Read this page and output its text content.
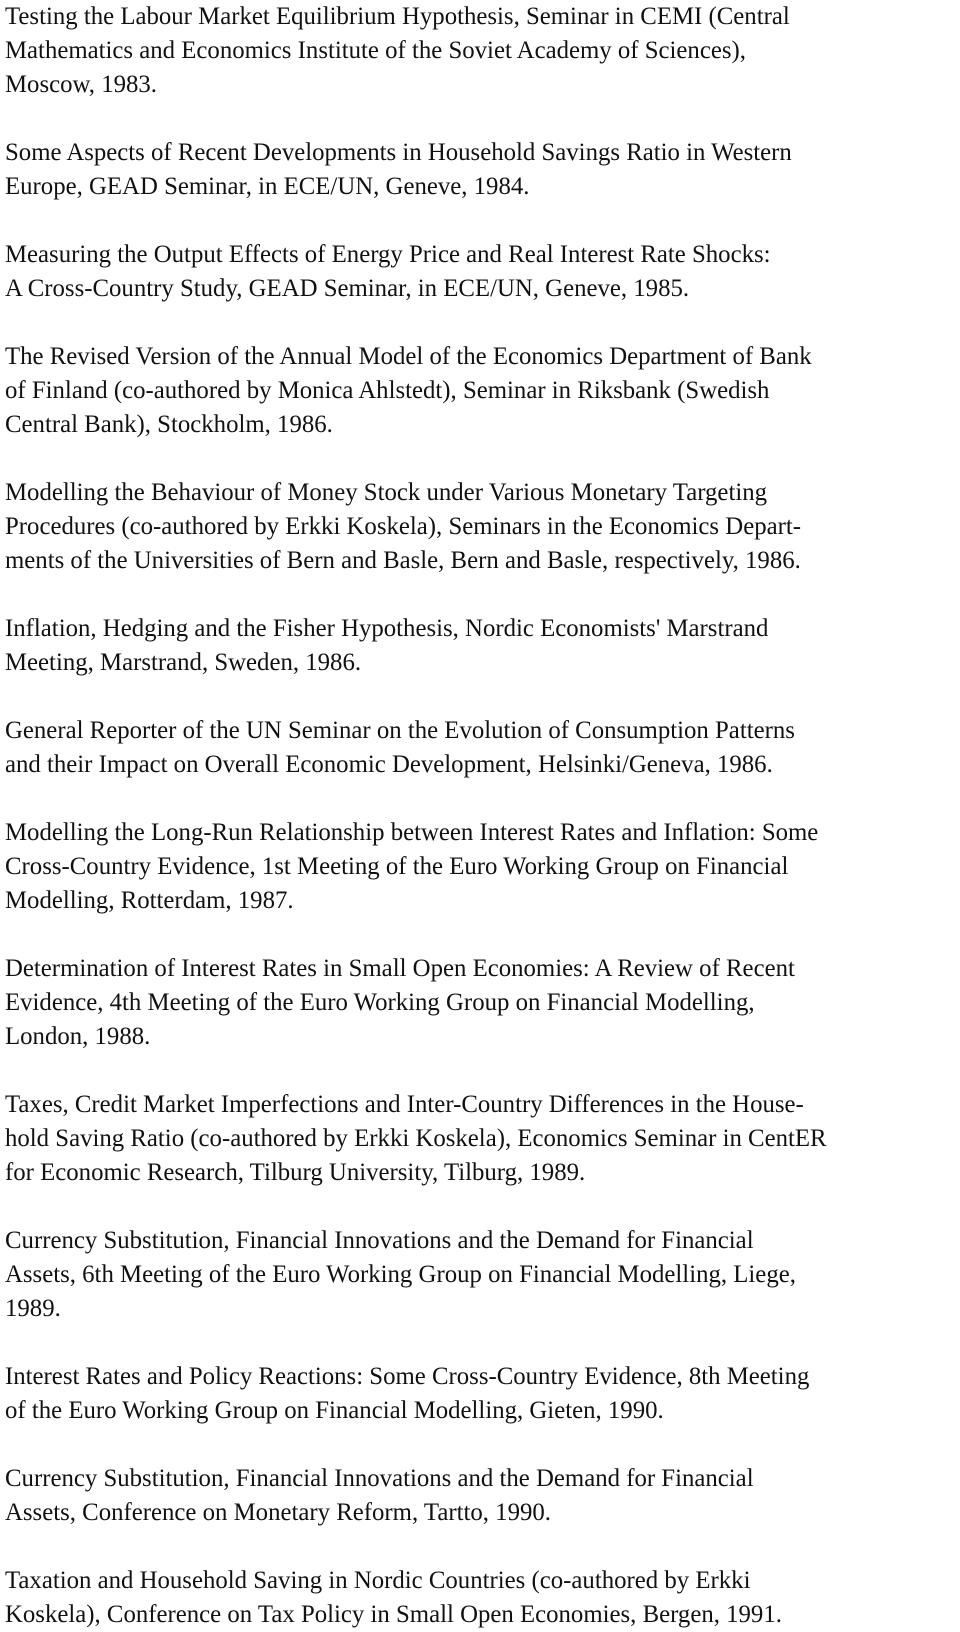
Testing the Labour Market Equilibrium Hypothesis, Seminar in CEMI (Central
Mathematics and Economics Institute of the Soviet Academy of Sciences),
Moscow, 1983.
Some Aspects of Recent Developments in Household Savings Ratio in Western
Europe, GEAD Seminar, in ECE/UN, Geneve, 1984.
Measuring the Output Effects of Energy Price and Real Interest Rate Shocks:
A Cross-Country Study, GEAD Seminar, in ECE/UN, Geneve, 1985.
The Revised Version of the Annual Model of the Economics Department of Bank
of Finland (co-authored by Monica Ahlstedt), Seminar in Riksbank (Swedish
Central Bank), Stockholm, 1986.
Modelling the Behaviour of Money Stock under Various Monetary Targeting
Procedures (co-authored by Erkki Koskela), Seminars in the Economics Depart-
ments of the Universities of Bern and Basle, Bern and Basle, respectively, 1986.
Inflation, Hedging and the Fisher Hypothesis, Nordic Economists' Marstrand
Meeting, Marstrand, Sweden, 1986.
General Reporter of the UN Seminar on the Evolution of Consumption Patterns
and their Impact on Overall Economic Development, Helsinki/Geneva, 1986.
Modelling the Long-Run Relationship between Interest Rates and Inflation: Some
Cross-Country Evidence, 1st Meeting of the Euro Working Group on Financial
Modelling, Rotterdam, 1987.
Determination of Interest Rates in Small Open Economies: A Review of Recent
Evidence, 4th Meeting of the Euro Working Group on Financial Modelling,
London, 1988.
Taxes, Credit Market Imperfections and Inter-Country Differences in the House-
hold Saving Ratio (co-authored by Erkki Koskela), Economics Seminar in CentER
for Economic Research, Tilburg University, Tilburg, 1989.
Currency Substitution, Financial Innovations and the Demand for Financial
Assets, 6th Meeting of the Euro Working Group on Financial Modelling, Liege,
1989.
Interest Rates and Policy Reactions: Some Cross-Country Evidence, 8th Meeting
of the Euro Working Group on Financial Modelling, Gieten, 1990.
Currency Substitution, Financial Innovations and the Demand for Financial
Assets, Conference on Monetary Reform, Tartto, 1990.
Taxation and Household Saving in Nordic Countries (co-authored by Erkki
Koskela), Conference on Tax Policy in Small Open Economies, Bergen, 1991.
